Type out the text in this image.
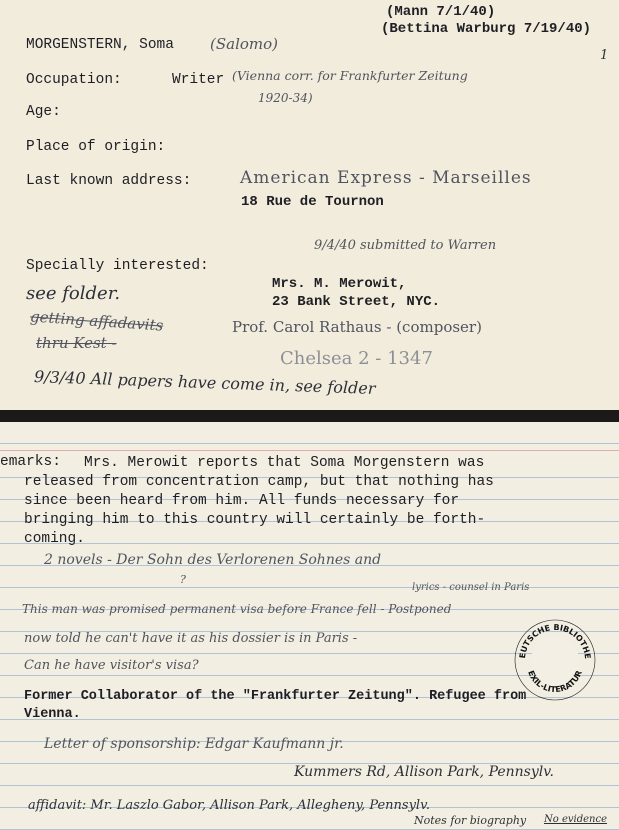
(Mann 7/1/40)
(Bettina Warburg 7/19/40)
1
MORGENSTERN, Soma (Salomo)
Occupation:	Writer (Vienna corr. for Frankfurter Zeitung
1920-34)
Age:
Place of origin:
Last known address:	American Express - Marseilles
18 Rue de Tournon
9/4/40 submitted to Warren
Specially interested:
see folder.
getting affadavits
thru Kest -
Mrs. M. Merowit,
23 Bank Street, NYC.
Prof. Carol Rathaus - (composer)
Chelsea 2 - 1347
9/3/40 All papers have come in, see folder
emarks: Mrs. Merowit reports that Soma Morgenstern was
released from concentration camp, but that nothing has
since been heard from him. All funds necessary for
bringing him to this country will certainly be forth-
coming.
2 novels - Der Sohn des Verlorenen Sohnes and
?
lyrics - counsel in Paris
This man was promised permanent visa before France fell - Postponed
now told he can't have it as his dossier is in Paris -
Can he have visitor's visa?
Former Collaborator of the "Frankfurter Zeitung". Refugee from
Vienna.
Letter of sponsorship: Edgar Kaufmann jr.
Kummers Rd, Allison Park, Pennsylv.
affidavit: Mr. Laszlo Gabor, Allison Park, Allegheny, Pennsylv.
Notes for biography No evidence
EUTSCHE BIBLIOTHE
EXIL-LITERATUR
